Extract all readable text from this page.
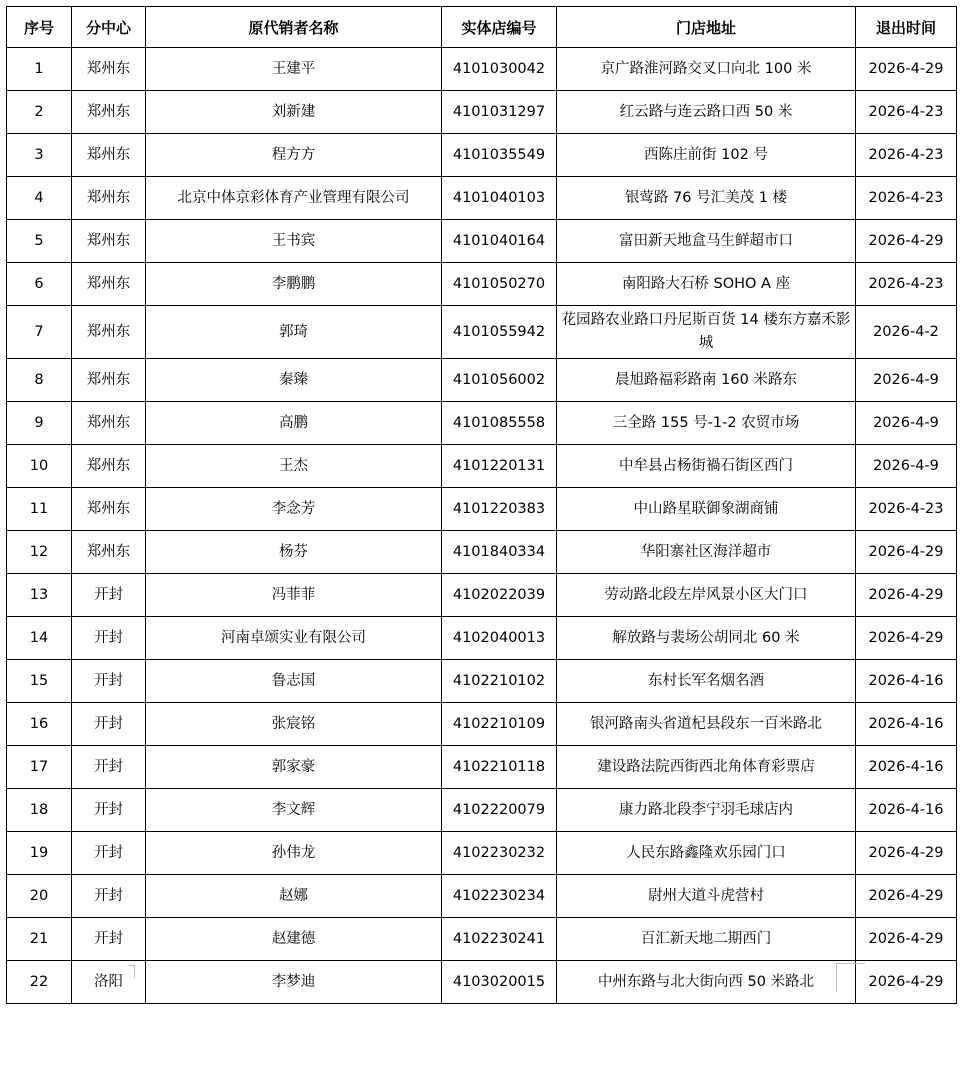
序号	分中心	原代销者名称	实体店编号	门店地址	退出时间
1	郑州东	王建平	4101030042	京广路淮河路交叉口向北 100 米	2026-4-29
2	郑州东	刘新建	4101031297	红云路与连云路口西 50 米	2026-4-23
3	郑州东	程方方	4101035549	西陈庄前街 102 号	2026-4-23
4	郑州东	北京中体京彩体育产业管理有限公司	4101040103	银莺路 76 号汇美茂 1 楼	2026-4-23
5	郑州东	王书宾	4101040164	富田新天地盒马生鲜超市口	2026-4-29
6	郑州东	李鹏鹏	4101050270	南阳路大石桥 SOHO A 座	2026-4-23
7	郑州东	郭琦	4101055942	花园路农业路口丹尼斯百货 14 楼东方嘉禾影城	2026-4-2
8	郑州东	秦臻	4101056002	晨旭路福彩路南 160 米路东	2026-4-9
9	郑州东	高鹏	4101085558	三全路 155 号-1-2 农贸市场	2026-4-9
10	郑州东	王杰	4101220131	中牟县占杨街禍石街区西门	2026-4-9
11	郑州东	李念芳	4101220383	中山路星联御象湖商铺	2026-4-23
12	郑州东	杨芬	4101840334	华阳寨社区海洋超市	2026-4-29
13	开封	冯菲菲	4102022039	劳动路北段左岸风景小区大门口	2026-4-29
14	开封	河南卓颂实业有限公司	4102040013	解放路与裴场公胡同北 60 米	2026-4-29
15	开封	鲁志国	4102210102	东村长军名烟名酒	2026-4-16
16	开封	张宸铭	4102210109	银河路南头省道杞县段东一百米路北	2026-4-16
17	开封	郭家豪	4102210118	建设路法院西街西北角体育彩票店	2026-4-16
18	开封	李文辉	4102220079	康力路北段李宁羽毛球店内	2026-4-16
19	开封	孙伟龙	4102230232	人民东路鑫隆欢乐园门口	2026-4-29
20	开封	赵娜	4102230234	尉州大道斗虎营村	2026-4-29
21	开封	赵建德	4102230241	百汇新天地二期西门	2026-4-29
22	洛阳	李梦迪	4103020015	中州东路与北大街向西 50 米路北	2026-4-29
